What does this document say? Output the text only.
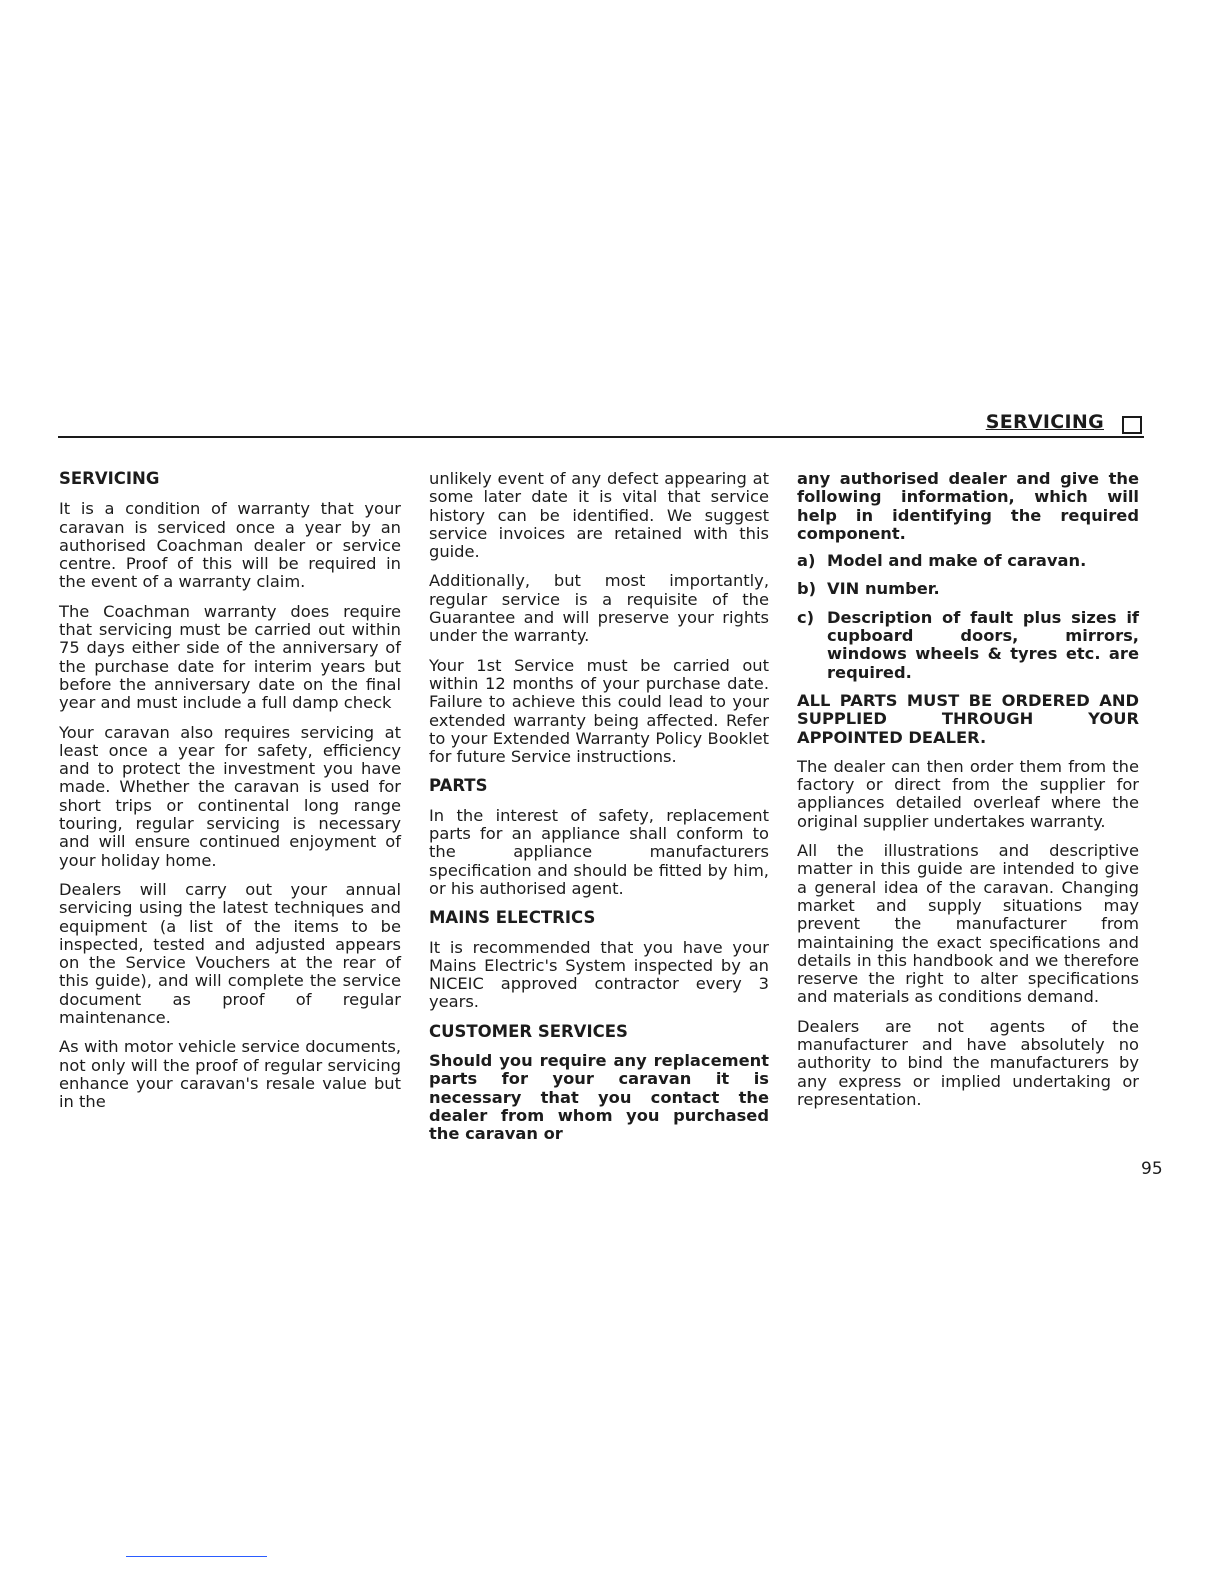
SERVICING
SERVICING

It is a condition of warranty that your caravan is serviced once a year by an authorised Coachman dealer or service centre. Proof of this will be required in the event of a warranty claim.

The Coachman warranty does require that servicing must be carried out within 75 days either side of the anniversary of the purchase date for interim years but before the anniversary date on the final year and must include a full damp check

Your caravan also requires servicing at least once a year for safety, efficiency and to protect the investment you have made. Whether the caravan is used for short trips or continental long range touring, regular servicing is necessary and will ensure continued enjoyment of your holiday home.

Dealers will carry out your annual servicing using the latest techniques and equipment (a list of the items to be inspected, tested and adjusted appears on the Service Vouchers at the rear of this guide), and will complete the service document as proof of regular maintenance.

As with motor vehicle service documents, not only will the proof of regular servicing enhance your caravan's resale value but in the

unlikely event of any defect appearing at some later date it is vital that service history can be identified. We suggest service invoices are retained with this guide.

Additionally, but most importantly, regular service is a requisite of the Guarantee and will preserve your rights under the warranty.

Your 1st Service must be carried out within 12 months of your purchase date. Failure to achieve this could lead to your extended warranty being affected. Refer to your Extended Warranty Policy Booklet for future Service instructions.

PARTS

In the interest of safety, replacement parts for an appliance shall conform to the appliance manufacturers specification and should be fitted by him, or his authorised agent.

MAINS ELECTRICS

It is recommended that you have your Mains Electric's System inspected by an NICEIC approved contractor every 3 years.

CUSTOMER SERVICES

Should you require any replacement parts for your caravan it is necessary that you contact the dealer from whom you purchased the caravan or

any authorised dealer and give the following information, which will help in identifying the required component.

a) Model and make of caravan.
b) VIN number.
c) Description of fault plus sizes if cupboard doors, mirrors, windows wheels & tyres etc. are required.

ALL PARTS MUST BE ORDERED AND SUPPLIED THROUGH YOUR APPOINTED DEALER.

The dealer can then order them from the factory or direct from the supplier for appliances detailed overleaf where the original supplier undertakes warranty.

All the illustrations and descriptive matter in this guide are intended to give a general idea of the caravan. Changing market and supply situations may prevent the manufacturer from maintaining the exact specifications and details in this handbook and we therefore reserve the right to alter specifications and materials as conditions demand.

Dealers are not agents of the manufacturer and have absolutely no authority to bind the manufacturers by any express or implied undertaking or representation.

95
